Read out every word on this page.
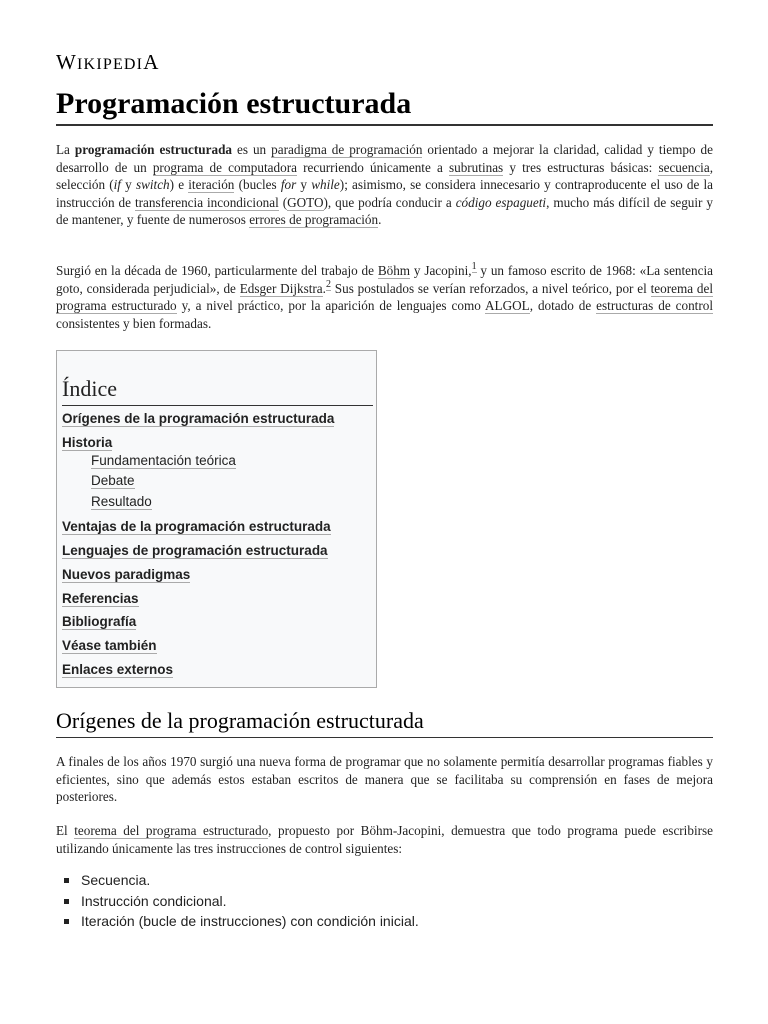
WIKIPEDIA
Programación estructurada

La programación estructurada es un paradigma de programación orientado a mejorar la claridad, calidad y tiempo de desarrollo de un programa de computadora recurriendo únicamente a subrutinas y tres estructuras básicas: secuencia, selección (if y switch) e iteración (bucles for y while); asimismo, se considera innecesario y contraproducente el uso de la instrucción de transferencia incondicional (GOTO), que podría conducir a código espagueti, mucho más difícil de seguir y de mantener, y fuente de numerosos errores de programación.

Surgió en la década de 1960, particularmente del trabajo de Böhm y Jacopini,$^1$ y un famoso escrito de 1968: «La sentencia goto, considerada perjudicial», de Edsger Dijkstra.$^2$ Sus postulados se verían reforzados, a nivel teórico, por el teorema del programa estructurado y, a nivel práctico, por la aparición de lenguajes como ALGOL, dotado de estructuras de control consistentes y bien formadas.

Índice
Orígenes de la programación estructurada
Historia
Fundamentación teórica
Debate
Resultado
Ventajas de la programación estructurada
Lenguajes de programación estructurada
Nuevos paradigmas
Referencias
Bibliografía
Véase también
Enlaces externos
Orígenes de la programación estructurada

A finales de los años 1970 surgió una nueva forma de programar que no solamente permitía desarrollar programas fiables y eficientes, sino que además estos estaban escritos de manera que se facilitaba su comprensión en fases de mejora posteriores.

El teorema del programa estructurado, propuesto por Böhm-Jacopini, demuestra que todo programa puede escribirse utilizando únicamente las tres instrucciones de control siguientes:

Secuencia.
Instrucción condicional.
Iteración (bucle de instrucciones) con condición inicial.
